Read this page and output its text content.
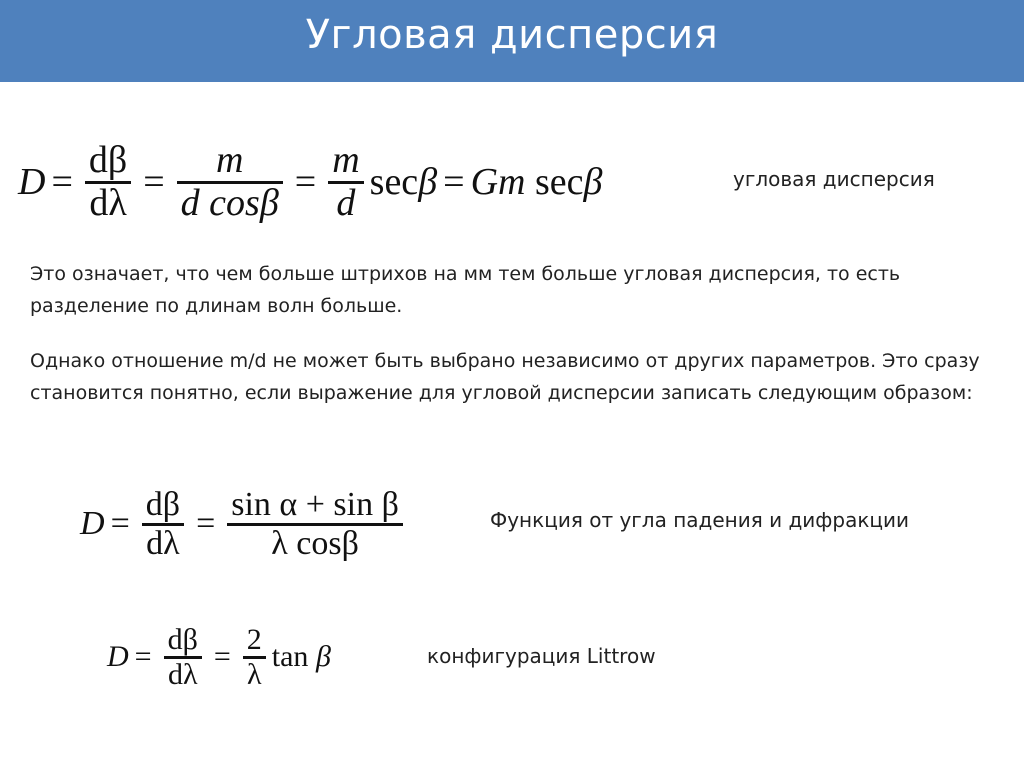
Угловая дисперсия
$D = \frac{d\beta}{d\lambda} = \frac{m}{\text{d cosβ}} = \frac{m}{d}$ sec β = Gm
sec β	угловая дисперсия

Это означает, что чем больше штрихов на мм тем больше угловая дисперсия, то есть разделение по длинам волн больше.

Однако отношение m/d не может быть выбрано независимо от других параметров. Это сразу становится понятно, если выражение для угловой дисперсии записать следующим образом:

$D = \frac{d\beta}{d\lambda} = \frac{\text{sin α + sin β}}{\text{λ cosβ}}$	Функция от угла падения и дифракции
$D = \frac{d\beta}{d\lambda} = \frac{2}{\lambda}$ tan
β	конфигурация Littrow
